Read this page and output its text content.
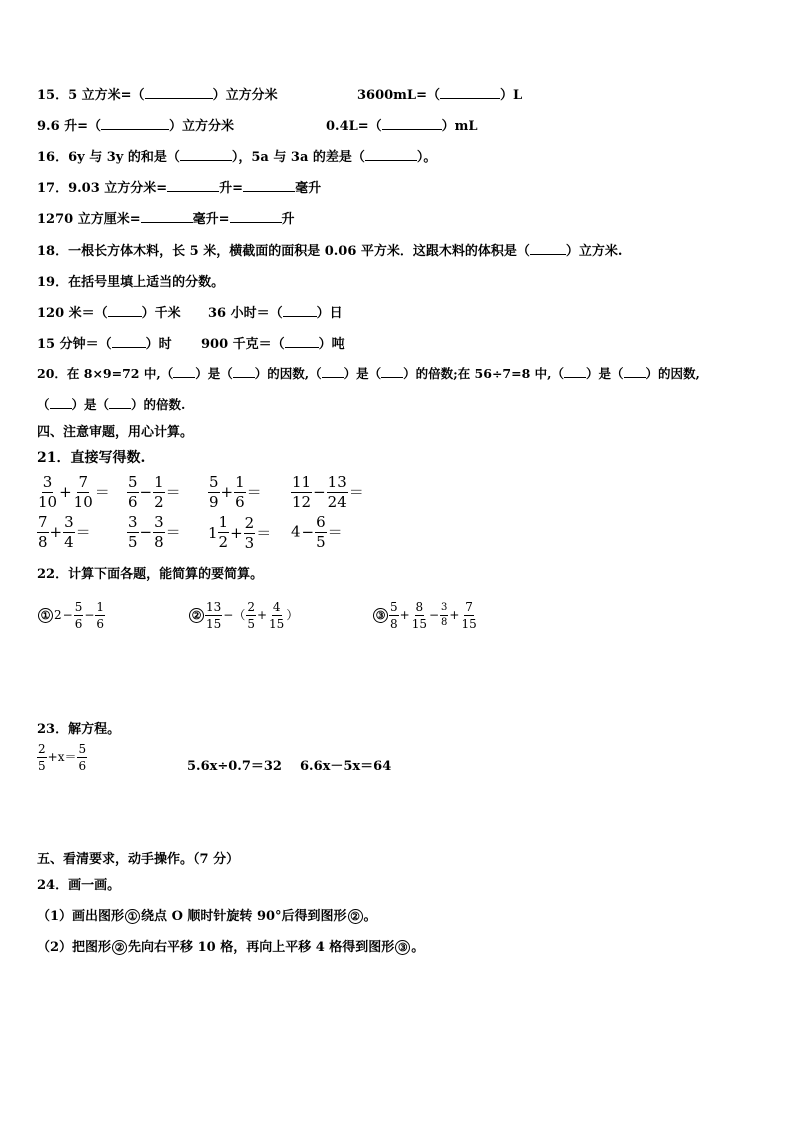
15．5 立方米=（	）立方分米	3600mL=（	）L
9.6 升=（	）立方分米	0.4L=（	）mL
16．6y 与 3y 的和是（	），5a 与 3a 的差是（	）。
17．9.03 立方分米=	升=	毫升
1270 立方厘米=	毫升=	升
18．一根长方体木料，长 5 米，横截面的面积是 0.06 平方米．这跟木料的体积是（	）立方米.
19．在括号里填上适当的分数。
120 米＝（	）千米 36 小时＝（	）日
15 分钟＝（	）时 900 千克＝（	）吨
20．在 8×9=72 中,（ ）是（ ）的因数,（ ）是（ ）的倍数;在 56÷7=8 中,（ ）是（ ）的因数,
（ ）是（ ）的倍数.
四、注意审题，用心计算。
21．直接写得数.
$\frac{3}{10} + \frac{7}{10} = \frac{5}{6} - \frac{1}{2} = \frac{5}{9} + \frac{1}{6} = \frac{11}{12} - \frac{13}{24}$ ＝
$\frac{7}{8} + \frac{3}{4} = \frac{3}{5} - \frac{3}{8} = 1 \frac{1}{2} + \frac{2}{3} = 4- \frac{6}{5}$ ＝
22．计算下面各题，能简算的要简算。
① $2- \frac{5}{6} - \frac{1}{6}$	② $\frac{13}{15}$ −（ $\frac{2}{5} + \frac{4}{15}$ ）	③ $\frac{5}{8} + \frac{8}{15} - \frac{3}{8} + \frac{7}{15}$
23．解方程。
$\frac{2}{5} +x= \frac{5}{6}$	5.6x÷0.7＝32 6.6x－5x＝64
五、看清要求，动手操作。（7 分）
24．画一画。
（1）画出图形 ① 绕点 O 顺时针旋转 90°后得到图形 ② 。
（2）把图形 ② 先向右平移 10 格，再向上平移 4 格得到图形 ③ 。
